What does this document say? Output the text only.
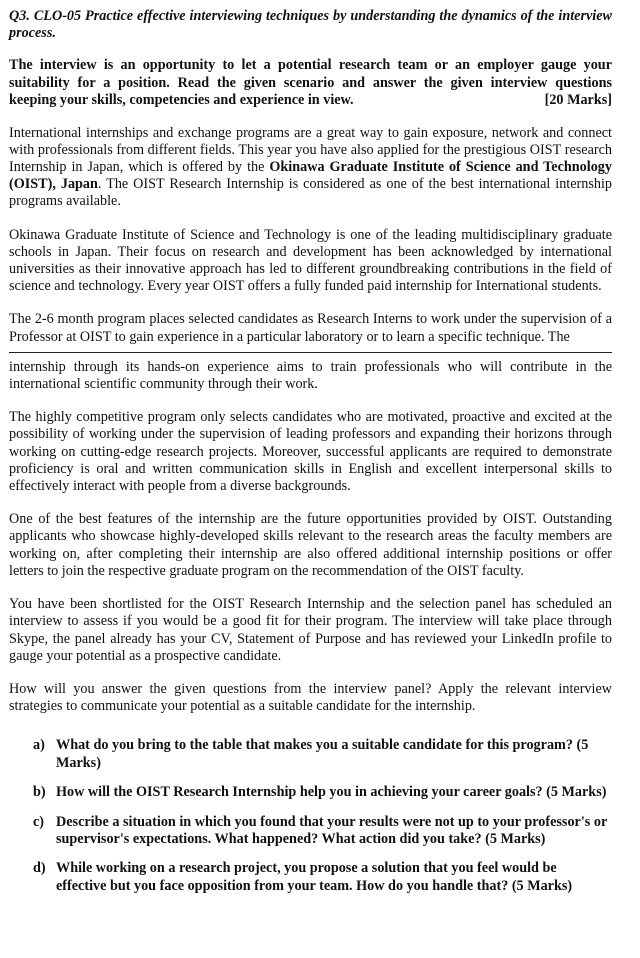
Q3. CLO-05 Practice effective interviewing techniques by understanding the dynamics of the interview process.

The interview is an opportunity to let a potential research team or an employer gauge your suitability for a position. Read the given scenario and answer the given interview questions
keeping your skills, competencies and experience in view.	[20 Marks]

International internships and exchange programs are a great way to gain exposure, network and connect with professionals from different fields. This year you have also applied for the prestigious OIST research Internship in Japan, which is offered by the Okinawa Graduate Institute of Science and Technology (OIST), Japan. The OIST Research Internship is considered as one of the best international internship programs available.

Okinawa Graduate Institute of Science and Technology is one of the leading multidisciplinary graduate schools in Japan. Their focus on research and development has been acknowledged by international universities as their innovative approach has led to different groundbreaking contributions in the field of science and technology. Every year OIST offers a fully funded paid internship for International students.

The 2-6 month program places selected candidates as Research Interns to work under the supervision of a Professor at OIST to gain experience in a particular laboratory or to learn a specific technique. The

internship through its hands-on experience aims to train professionals who will contribute in the international scientific community through their work.

The highly competitive program only selects candidates who are motivated, proactive and excited at the possibility of working under the supervision of leading professors and expanding their horizons through working on cutting-edge research projects. Moreover, successful applicants are required to demonstrate proficiency is oral and written communication skills in English and excellent interpersonal skills to effectively interact with people from a diverse backgrounds.

One of the best features of the internship are the future opportunities provided by OIST. Outstanding applicants who showcase highly-developed skills relevant to the research areas the faculty members are working on, after completing their internship are also offered additional internship positions or offer letters to join the respective graduate program on the recommendation of the OIST faculty.

You have been shortlisted for the OIST Research Internship and the selection panel has scheduled an interview to assess if you would be a good fit for their program. The interview will take place through Skype, the panel already has your CV, Statement of Purpose and has reviewed your LinkedIn profile to gauge your potential as a prospective candidate.

How will you answer the given questions from the interview panel? Apply the relevant interview strategies to communicate your potential as a suitable candidate for the internship.

a) What do you bring to the table that makes you a suitable candidate for this program? (5 Marks)
b) How will the OIST Research Internship help you in achieving your career goals? (5 Marks)
c) Describe a situation in which you found that your results were not up to your professor's or supervisor's expectations. What happened? What action did you take? (5 Marks)
d) While working on a research project, you propose a solution that you feel would be effective but you face opposition from your team. How do you handle that? (5 Marks)
